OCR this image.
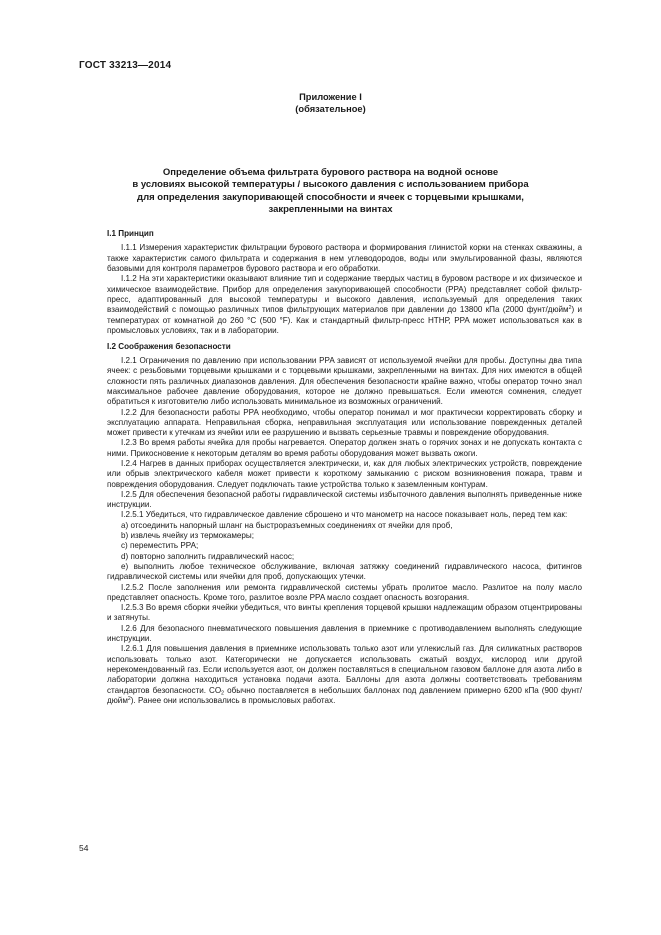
ГОСТ 33213—2014
Приложение I
(обязательное)
Определение объема фильтрата бурового раствора на водной основе
в условиях высокой температуры / высокого давления с использованием прибора
для определения закупоривающей способности и ячеек с торцевыми крышками,
закрепленными на винтах
I.1 Принцип

I.1.1 Измерения характеристик фильтрации бурового раствора и формирования глинистой корки на стенках скважины, а также характеристик самого фильтрата и содержания в нем углеводородов, воды или эмульгированной фазы, являются базовыми для контроля параметров бурового раствора и его обработки.

I.1.2 На эти характеристики оказывают влияние тип и содержание твердых частиц в буровом растворе и их физическое и химическое взаимодействие. Прибор для определения закупоривающей способности (PPA) представляет собой фильтр-пресс, адаптированный для высокой температуры и высокого давления, используемый для определения таких взаимодействий с помощью различных типов фильтрующих материалов при давлении до 13800 кПа (2000 фунт/дюйм$^2$) и температурах от комнатной до 260 °С (500 °F). Как и стандартный фильтр-пресс НТНР, PPA может использоваться как в промысловых условиях, так и в лаборатории.

I.2 Соображения безопасности

I.2.1 Ограничения по давлению при использовании PPA зависят от используемой ячейки для пробы. Доступны два типа ячеек: с резьбовыми торцевыми крышками и с торцевыми крышками, закрепленными на винтах. Для них имеются в общей сложности пять различных диапазонов давления. Для обеспечения безопасности крайне важно, чтобы оператор точно знал максимальное рабочее давление оборудования, которое не должно превышаться. Если имеются сомнения, следует обратиться к изготовителю либо использовать минимальное из возможных ограничений.

I.2.2 Для безопасности работы PPA необходимо, чтобы оператор понимал и мог практически корректировать сборку и эксплуатацию аппарата. Неправильная сборка, неправильная эксплуатация или использование поврежденных деталей может привести к утечкам из ячейки или ее разрушению и вызвать серьезные травмы и повреждение оборудования.

I.2.3 Во время работы ячейка для пробы нагревается. Оператор должен знать о горячих зонах и не допускать контакта с ними. Прикосновение к некоторым деталям во время работы оборудования может вызвать ожоги.

I.2.4 Нагрев в данных приборах осуществляется электрически, и, как для любых электрических устройств, повреждение или обрыв электрического кабеля может привести к короткому замыканию с риском возникновения пожара, травм и повреждения оборудования. Следует подключать такие устройства только к заземленным контурам.

I.2.5 Для обеспечения безопасной работы гидравлической системы избыточного давления выполнять приведенные ниже инструкции.

I.2.5.1 Убедиться, что гидравлическое давление сброшено и что манометр на насосе показывает ноль, перед тем как:

a) отсоединить напорный шланг на быстроразъемных соединениях от ячейки для проб,

b) извлечь ячейку из термокамеры;

c) переместить PPA;

d) повторно заполнить гидравлический насос;

e) выполнить любое техническое обслуживание, включая затяжку соединений гидравлического насоса, фитингов гидравлической системы или ячейки для проб, допускающих утечки.

I.2.5.2 После заполнения или ремонта гидравлической системы убрать пролитое масло. Разлитое на полу масло представляет опасность. Кроме того, разлитое возле PPA масло создает опасность возгорания.

I.2.5.3 Во время сборки ячейки убедиться, что винты крепления торцевой крышки надлежащим образом отцентрированы и затянуты.

I.2.6 Для безопасного пневматического повышения давления в приемнике с противодавлением выполнять следующие инструкции.

I.2.6.1 Для повышения давления в приемнике использовать только азот или углекислый газ. Для силикатных растворов использовать только азот. Категорически не допускается использовать сжатый воздух, кислород или другой нерекомендованный газ. Если используется азот, он должен поставляться в специальном газовом баллоне для азота либо в лаборатории должна находиться установка подачи азота. Баллоны для азота должны соответствовать требованиям стандартов безопасности. $CO_2$ обычно поставляется в небольших баллонах под давлением примерно 6200 кПа (900 фунт/дюйм$^2$). Ранее они использовались в промысловых работах.

54
